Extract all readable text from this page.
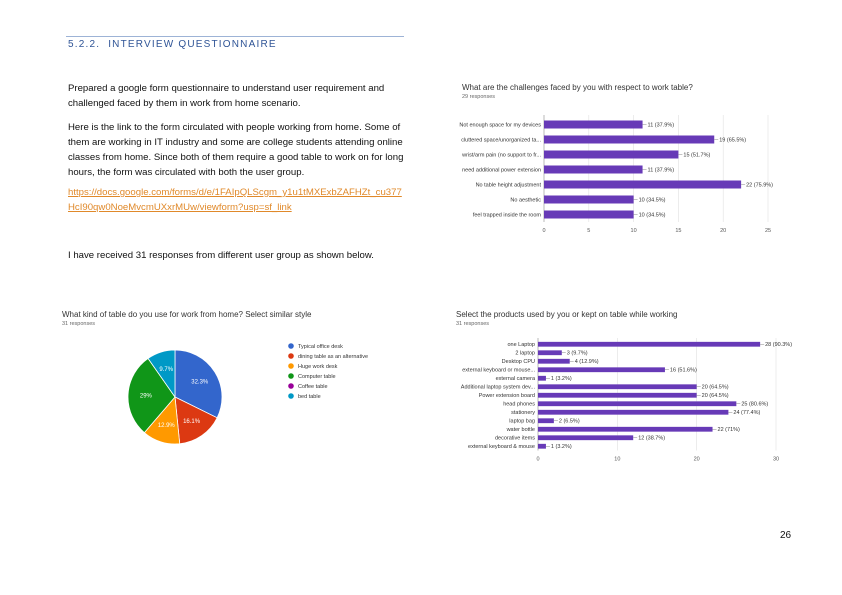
5.2.2. INTERVIEW QUESTIONNAIRE
Prepared a google form questionnaire to understand user requirement and challenged faced by them in work from home scenario.
Here is the link to the form circulated with people working from home. Some of them are working in IT industry and some are college students attending online classes from home. Since both of them require a good table to work on for long hours, the form was circulated with both the user group.
https://docs.google.com/forms/d/e/1FAIpQLScgm_y1u1tMXExbZAFHZt_cu377HcI90qw0NoeMvcmUXxrMUw/viewform?usp=sf_link
I have received 31 responses from different user group as shown below.
What are the challenges faced by you with respect to work table?
29 responses
0	5	10	15	20	25
Not enough space for my devices	11 (37.9%)
cluttered space/unorganized ta...	19 (65.5%)
wrist/arm pain (no support to fr...	15 (51.7%)
need additional power extension	11 (37.9%)
No table height adjustment	22 (75.9%)
No aesthetic	10 (34.5%)
feel trapped inside the room	10 (34.5%)
What kind of table do you use for work from home? Select similar style
31 responses
32.3%
16.1%
12.9%
29%
9.7%
Typical office desk
dining table as an alternative
Huge work desk
Computer table
Coffee table
bed table
Select the products used by you or kept on table while working
31 responses
0	10	20	30
one Laptop	28 (90.3%)
2 laptop	3 (9.7%)
Desktop CPU	4 (12.9%)
external keyboard or mouse...	16 (51.6%)
external camera	1 (3.2%)
Additional laptop system dev...	20 (64.5%)
Power extension board	20 (64.5%)
head phones	25 (80.6%)
stationery	24 (77.4%)
laptop bag	2 (6.5%)
water bottle	22 (71%)
decorative items	12 (38.7%)
external keyboard & mouse	1 (3.2%)
26
